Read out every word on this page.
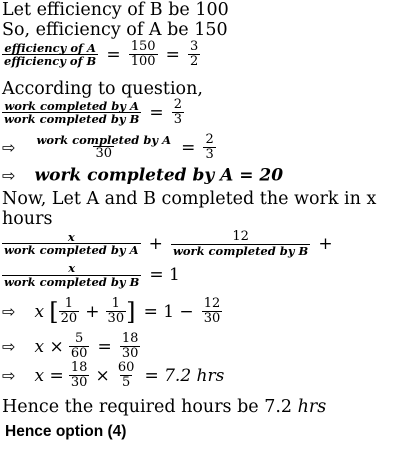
Let efficiency of B be 100
So, efficiency of A be 150
$\frac{\text{efficiency of A}}{\text{efficiency of B}} = \frac{150}{100} = \frac{3}{2}$
According to question,
$\frac{\text{work completed by A}}{\text{work completed by B}} = \frac{2}{3}$
⇨ $\frac{\text{work completed by A}}{30} = \frac{2}{3}$
⇨ work completed by A = 20
Now, Let A and B completed the work in x
hours
$\frac{x}{\text{work completed by A}} + \frac{12}{\text{work completed by B}}$ +
$\frac{x}{\text{work completed by B}} = 1$
⇨ x [ $\frac{1}{20} + \frac{1}{30}$ ] = $1 - \frac{12}{30}$
⇨ $x \times \frac{5}{60} = \frac{18}{30}$
⇨ $x = \frac{18}{30} \times \frac{60}{5} = 7.2$ hrs
Hence the required hours be 7.2 hrs
Hence option (4)
